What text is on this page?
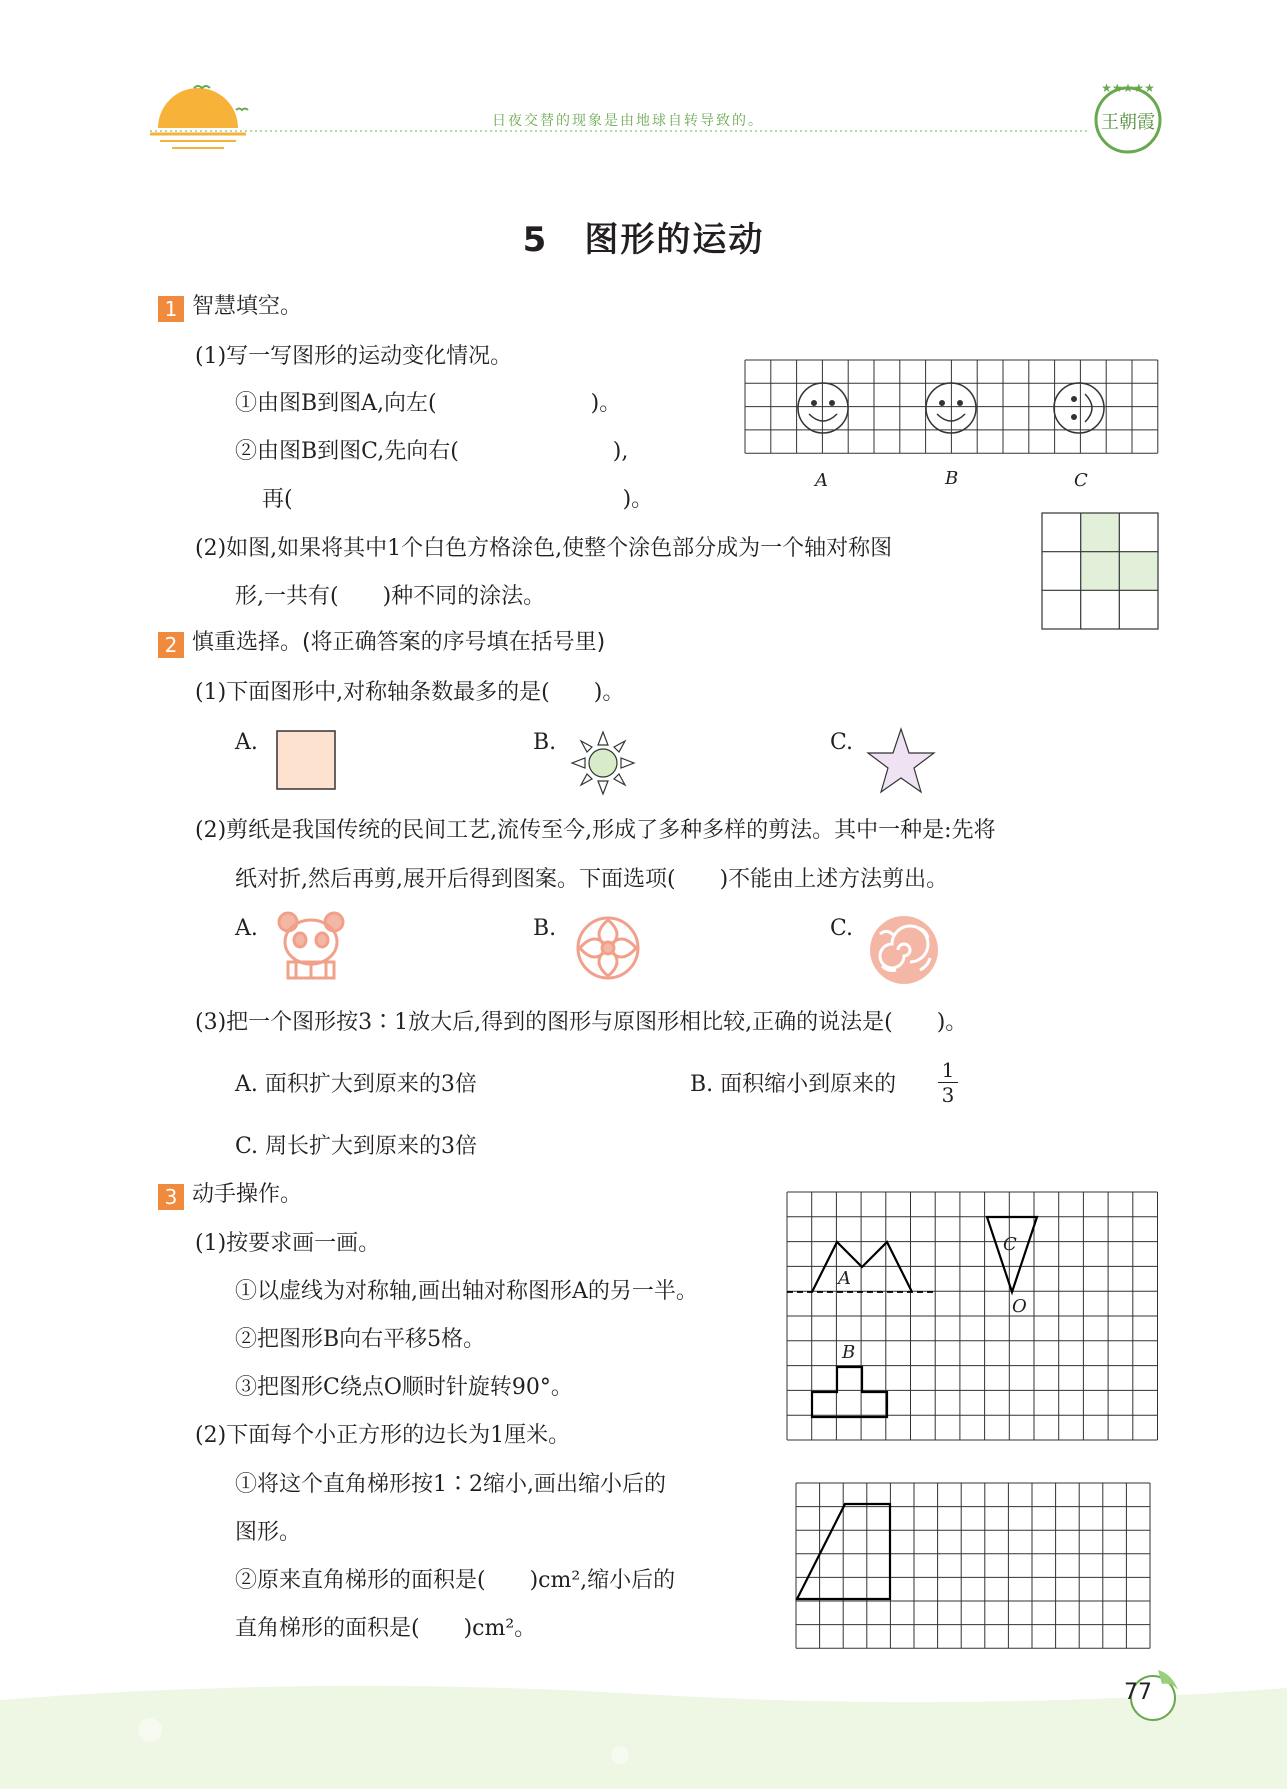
日夜交替的现象是由地球自转导致的。
★★★★★
王朝霞
5　图形的运动
1 智慧填空。
(1)写一写图形的运动变化情况。
①由图B到图A,向左(　　　　　　　)。
②由图B到图C,先向右(　　　　　　　),
再(　　　　　　　　　　　　　　　)。
A	B	C
(2)如图,如果将其中1个白色方格涂色,使整个涂色部分成为一个轴对称图
形,一共有(　　)种不同的涂法。
2 慎重选择。(将正确答案的序号填在括号里)
(1)下面图形中,对称轴条数最多的是(　　)。
A.	B.	C.
(2)剪纸是我国传统的民间工艺,流传至今,形成了多种多样的剪法。其中一种是:先将
纸对折,然后再剪,展开后得到图案。下面选项(　　)不能由上述方法剪出。
A.	B.	C.
(3)把一个图形按3∶1放大后,得到的图形与原图形相比较,正确的说法是(　　)。
A. 面积扩大到原来的3倍	B. 面积缩小到原来的
1
3
C. 周长扩大到原来的3倍
3 动手操作。
(1)按要求画一画。
①以虚线为对称轴,画出轴对称图形A的另一半。
②把图形B向右平移5格。
③把图形C绕点O顺时针旋转90°。
A
B
C
O
(2)下面每个小正方形的边长为1厘米。
①将这个直角梯形按1∶2缩小,画出缩小后的
图形。
②原来直角梯形的面积是(　　)cm²,缩小后的
直角梯形的面积是(　　)cm²。
77
